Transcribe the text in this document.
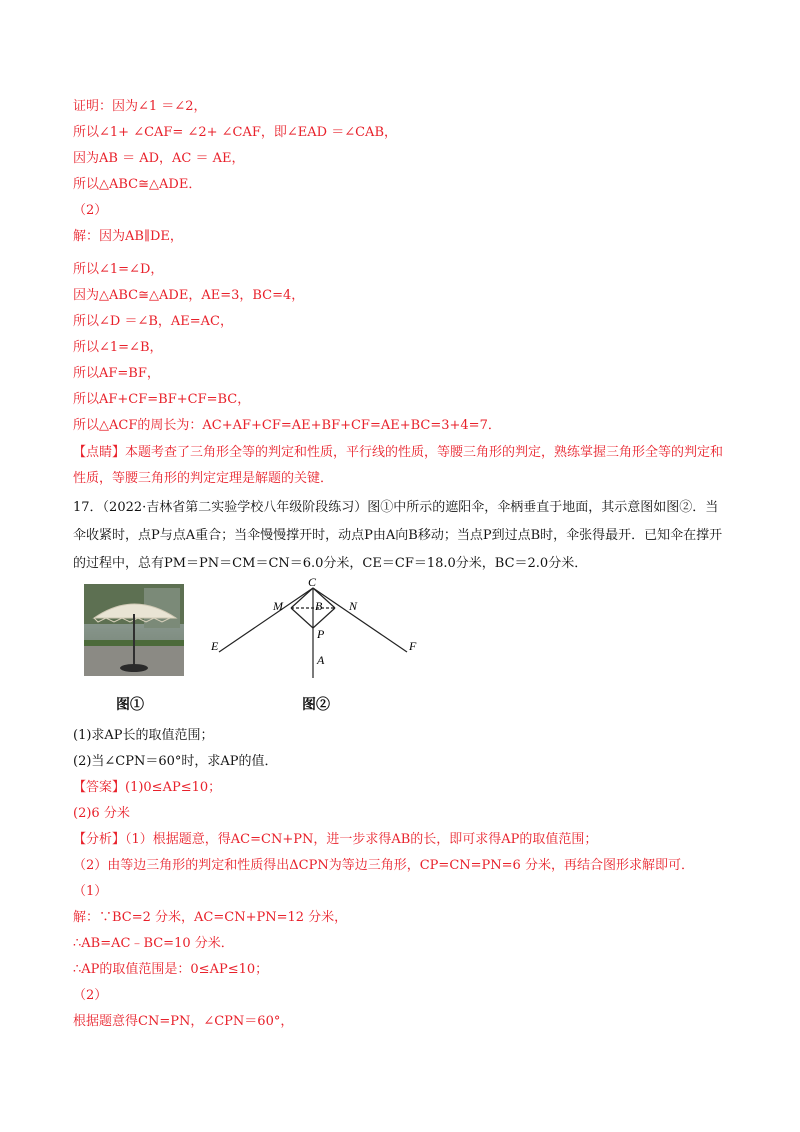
证明：因为∠1 ＝∠2，
所以∠1+ ∠CAF= ∠2+ ∠CAF，即∠EAD ＝∠CAB，
因为AB ＝ AD，AC ＝ AE，
所以△ABC≅△ADE．
（2）
解：因为AB∥DE，
所以∠1=∠D，
因为△ABC≅△ADE，AE=3，BC=4，
所以∠D ＝∠B，AE=AC，
所以∠1=∠B，
所以AF=BF，
所以AF+CF=BF+CF=BC，
所以△ACF的周长为：AC+AF+CF=AE+BF+CF=AE+BC=3+4=7．
【点睛】本题考查了三角形全等的判定和性质，平行线的性质，等腰三角形的判定，熟练掌握三角形全等的判定和性质，等腰三角形的判定定理是解题的关键．
17．（2022·吉林省第二实验学校八年级阶段练习）图①中所示的遮阳伞，伞柄垂直于地面，其示意图如图②．当伞收紧时，点P与点A重合；当伞慢慢撑开时，动点P由A向B移动；当点P到过点B时，伞张得最开．已知伞在撑开的过程中，总有PM＝PN＝CM＝CN＝6.0分米，CE＝CF＝18.0分米，BC＝2.0分米．
图①
C
M	B N
P
E	F
A
图②
(1)求AP长的取值范围；
(2)当∠CPN＝60°时，求AP的值．
【答案】(1)0≤AP≤10；
(2)6 分米
【分析】（1）根据题意，得AC=CN+PN，进一步求得AB的长，即可求得AP的取值范围；
（2）由等边三角形的判定和性质得出ΔCPN为等边三角形，CP=CN=PN=6 分米，再结合图形求解即可．
（1）
解：∵BC=2 分米，AC=CN+PN=12 分米，
∴AB=AC﹣BC=10 分米．
∴AP的取值范围是：0≤AP≤10；
（2）
根据题意得CN=PN，∠CPN＝60°，
